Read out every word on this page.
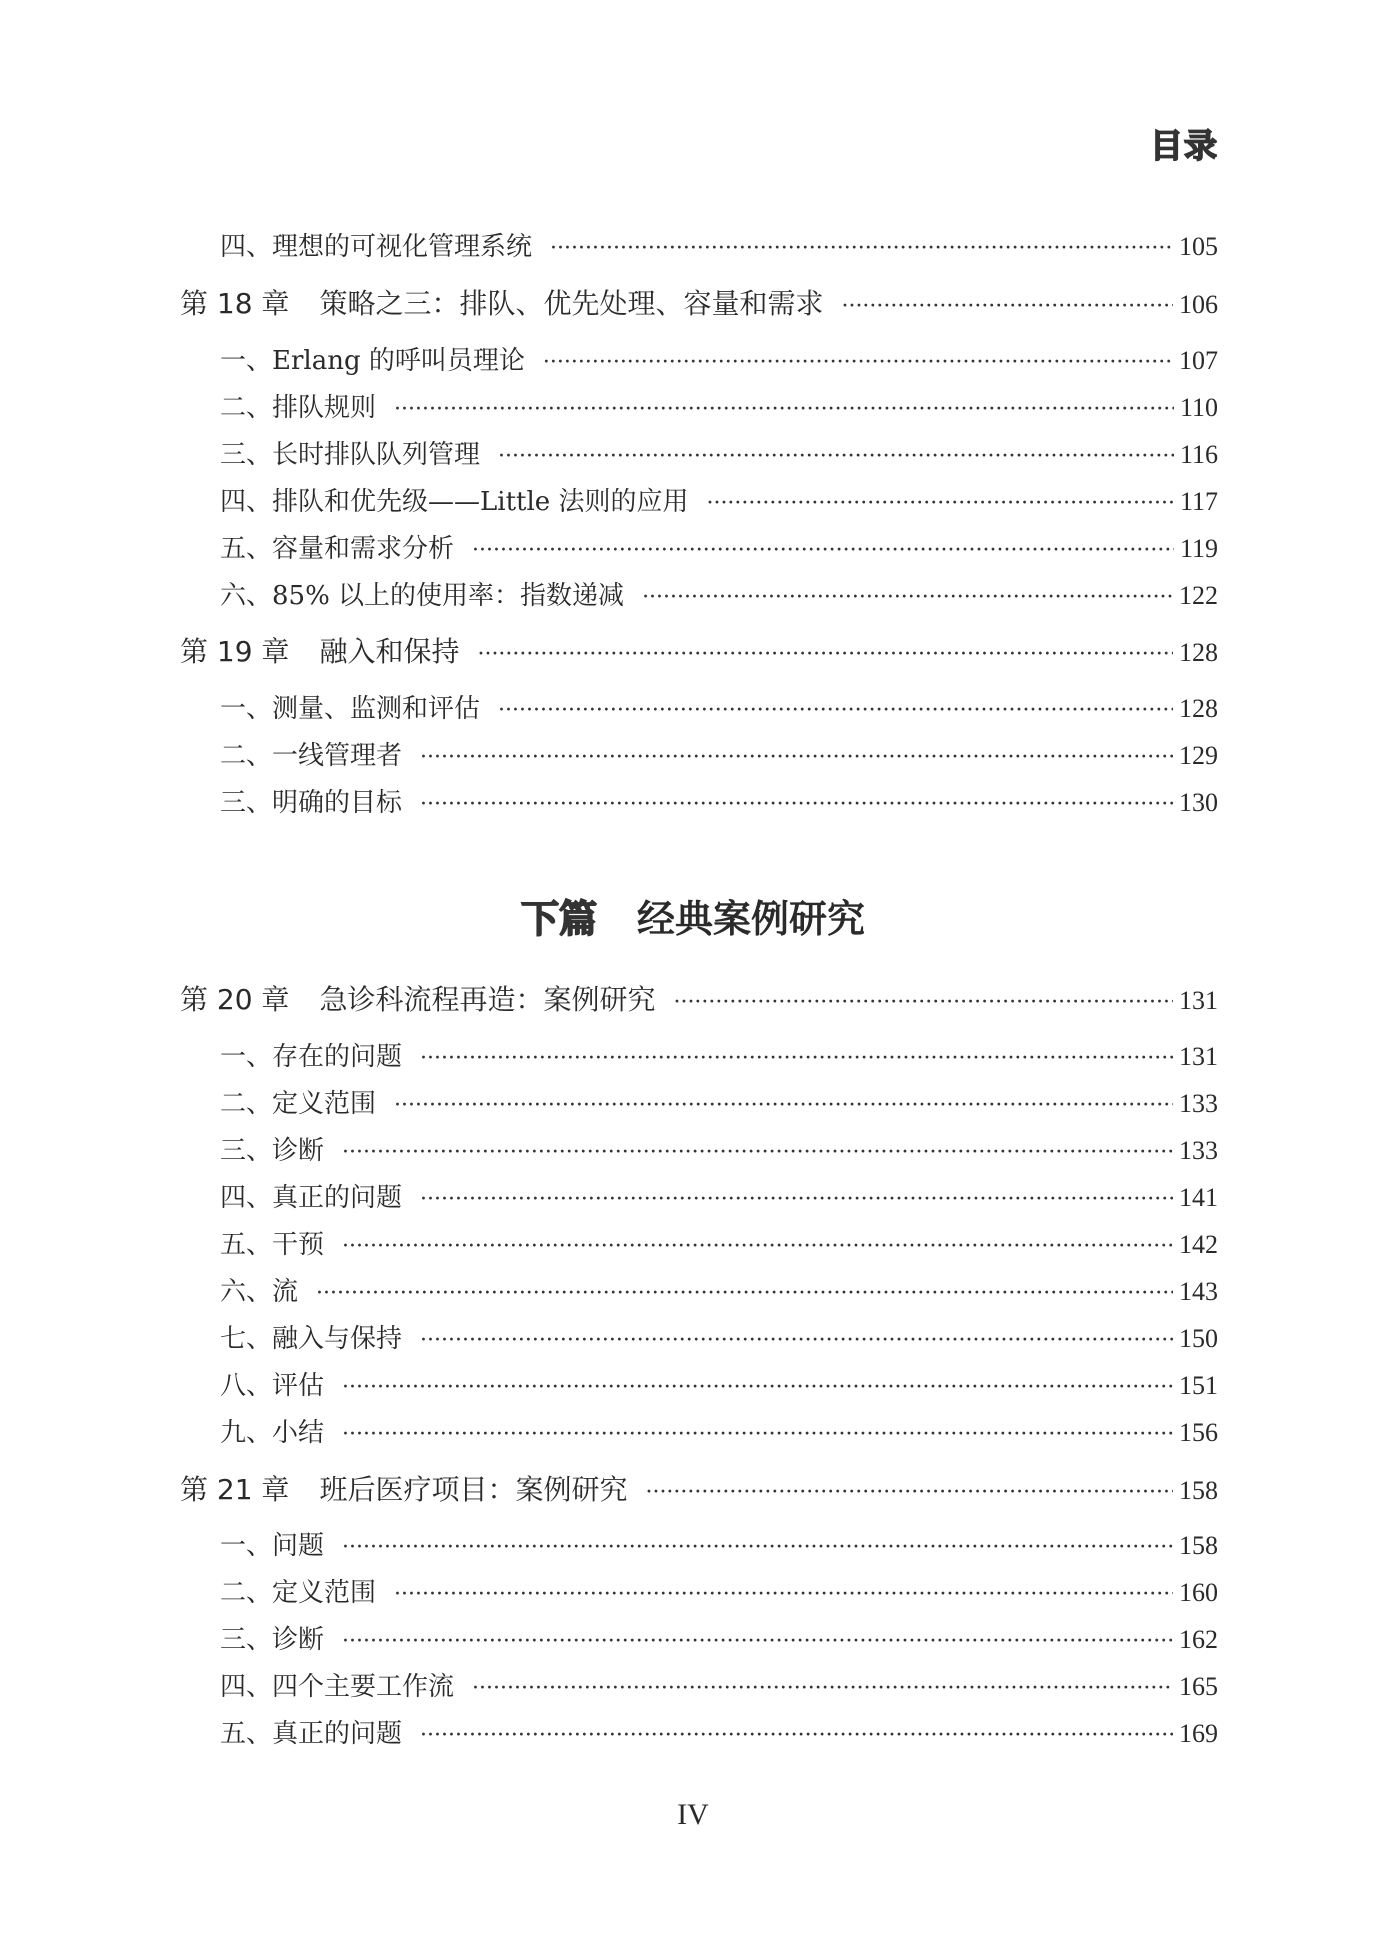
目录
四、理想的可视化管理系统 ·····	105
第 18 章 策略之三：排队、优先处理、容量和需求 ·····	106
一、Erlang 的呼叫员理论 ·····	107
二、排队规则 ·····	110
三、长时排队队列管理 ·····	116
四、排队和优先级——Little 法则的应用 ·····	117
五、容量和需求分析 ·····	119
六、85% 以上的使用率：指数递减 ·····	122
第 19 章 融入和保持 ·····	128
一、测量、监测和评估 ·····	128
二、一线管理者 ·····	129
三、明确的目标 ·····	130
下篇 经典案例研究
第 20 章 急诊科流程再造：案例研究 ·····	131
一、存在的问题 ·····	131
二、定义范围 ·····	133
三、诊断 ·····	133
四、真正的问题 ·····	141
五、干预 ·····	142
六、流 ·····	143
七、融入与保持 ·····	150
八、评估 ·····	151
九、小结 ·····	156
第 21 章 班后医疗项目：案例研究 ·····	158
一、问题 ·····	158
二、定义范围 ·····	160
三、诊断 ·····	162
四、四个主要工作流 ·····	165
五、真正的问题 ·····	169
IV
